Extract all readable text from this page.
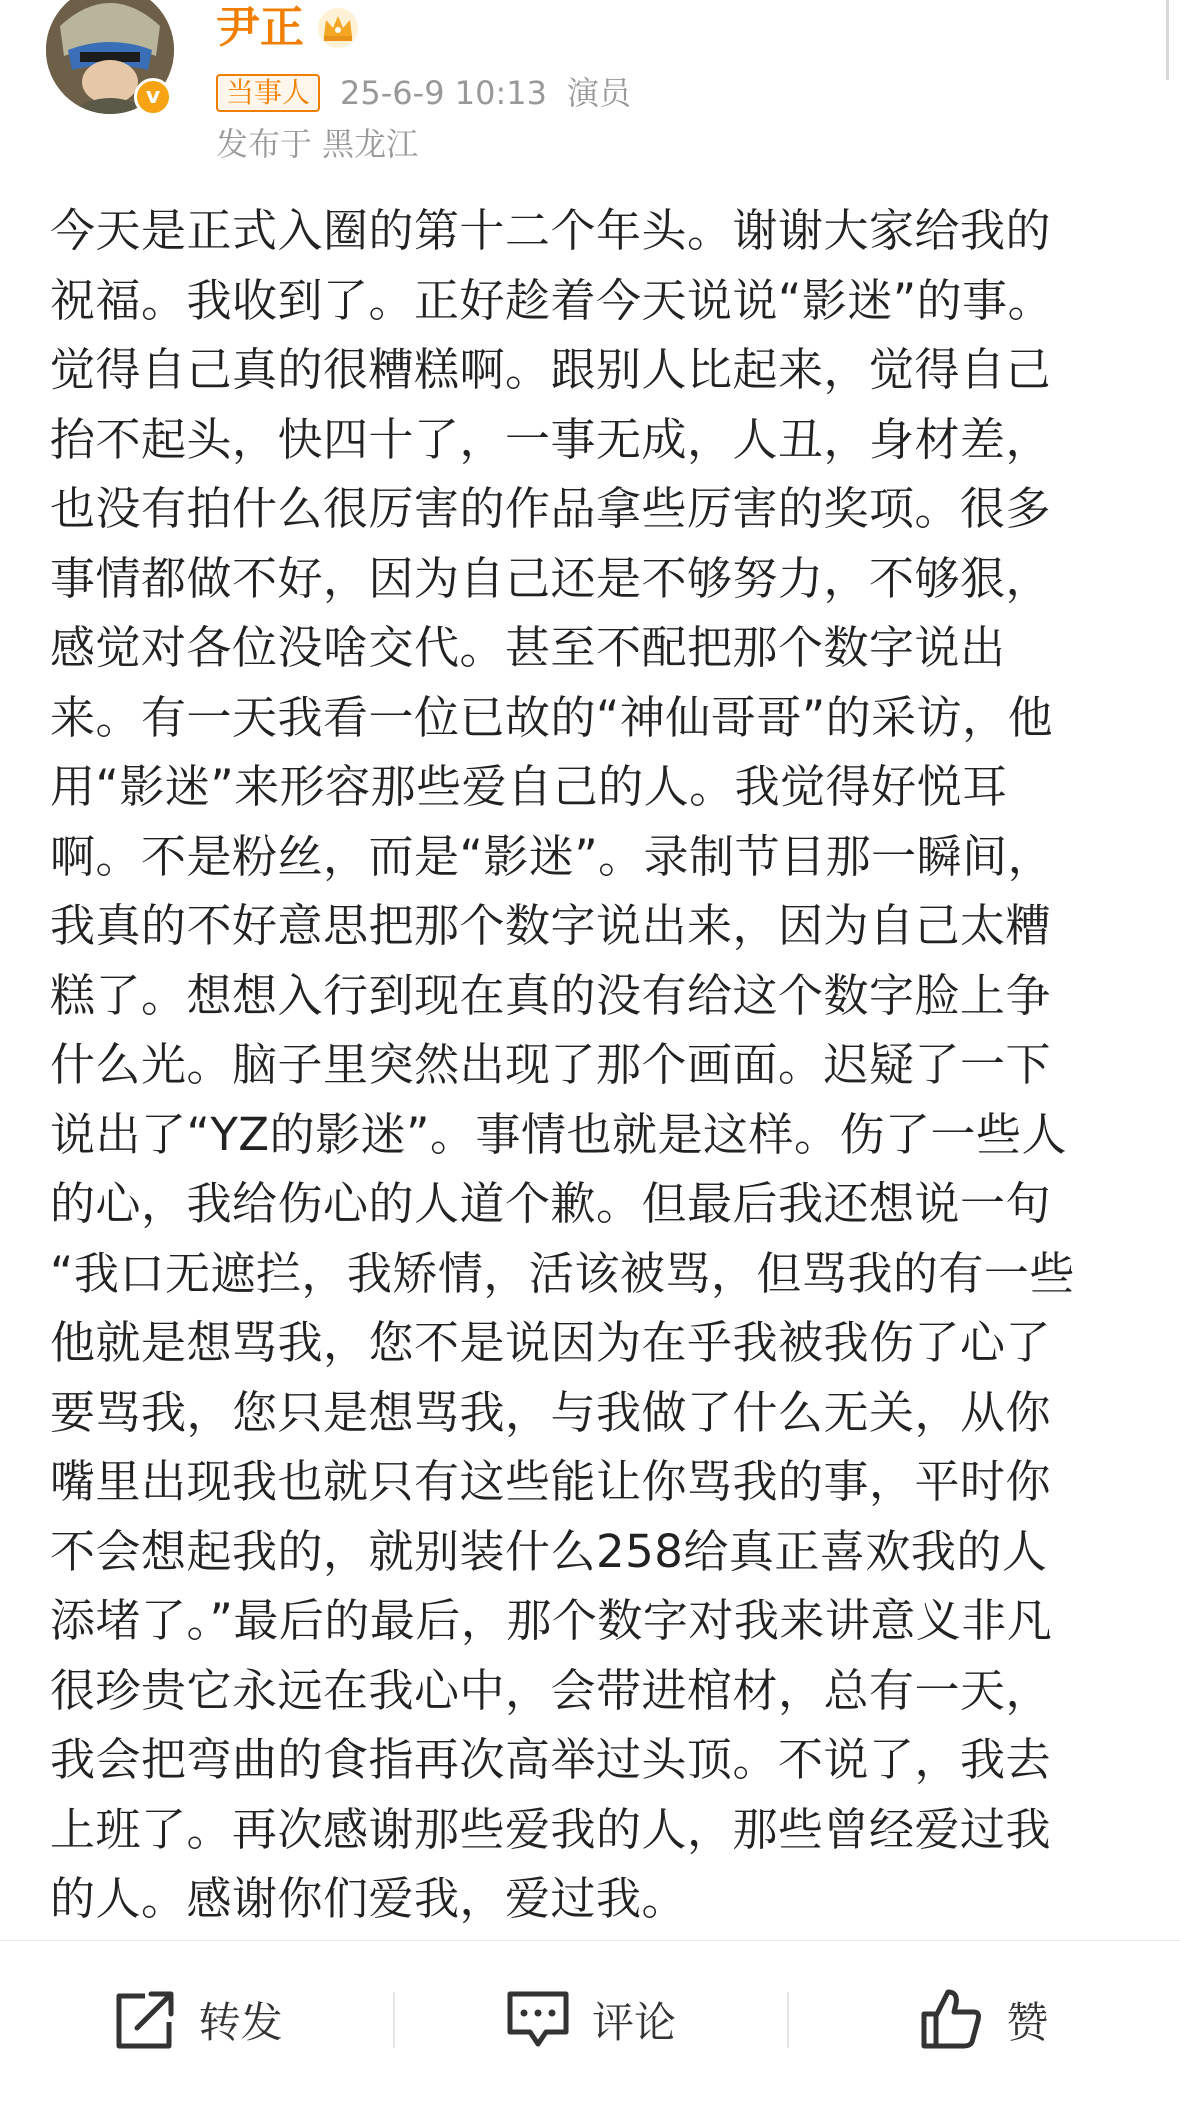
v
尹正
当事人 25-6-9 10:13 演员
发布于 黑龙江
今天是正式入圈的第十二个年头。谢谢大家给我的
祝福。我收到了。正好趁着今天说说“影迷”的事。
觉得自己真的很糟糕啊。跟别人比起来，觉得自己
抬不起头，快四十了，一事无成，人丑，身材差，
也没有拍什么很厉害的作品拿些厉害的奖项。很多
事情都做不好，因为自己还是不够努力，不够狠，
感觉对各位没啥交代。甚至不配把那个数字说出
来。有一天我看一位已故的“神仙哥哥”的采访，他
用“影迷”来形容那些爱自己的人。我觉得好悦耳
啊。不是粉丝，而是“影迷”。录制节目那一瞬间，
我真的不好意思把那个数字说出来，因为自己太糟
糕了。想想入行到现在真的没有给这个数字脸上争
什么光。脑子里突然出现了那个画面。迟疑了一下
说出了“YZ的影迷”。事情也就是这样。伤了一些人
的心，我给伤心的人道个歉。但最后我还想说一句
“我口无遮拦，我矫情，活该被骂，但骂我的有一些
他就是想骂我，您不是说因为在乎我被我伤了心了
要骂我，您只是想骂我，与我做了什么无关，从你
嘴里出现我也就只有这些能让你骂我的事，平时你
不会想起我的，就别装什么258给真正喜欢我的人
添堵了。”最后的最后，那个数字对我来讲意义非凡
很珍贵它永远在我心中，会带进棺材，总有一天，
我会把弯曲的食指再次高举过头顶。不说了，我去
上班了。再次感谢那些爱我的人，那些曾经爱过我
的人。感谢你们爱我，爱过我。
转发	评论	赞
